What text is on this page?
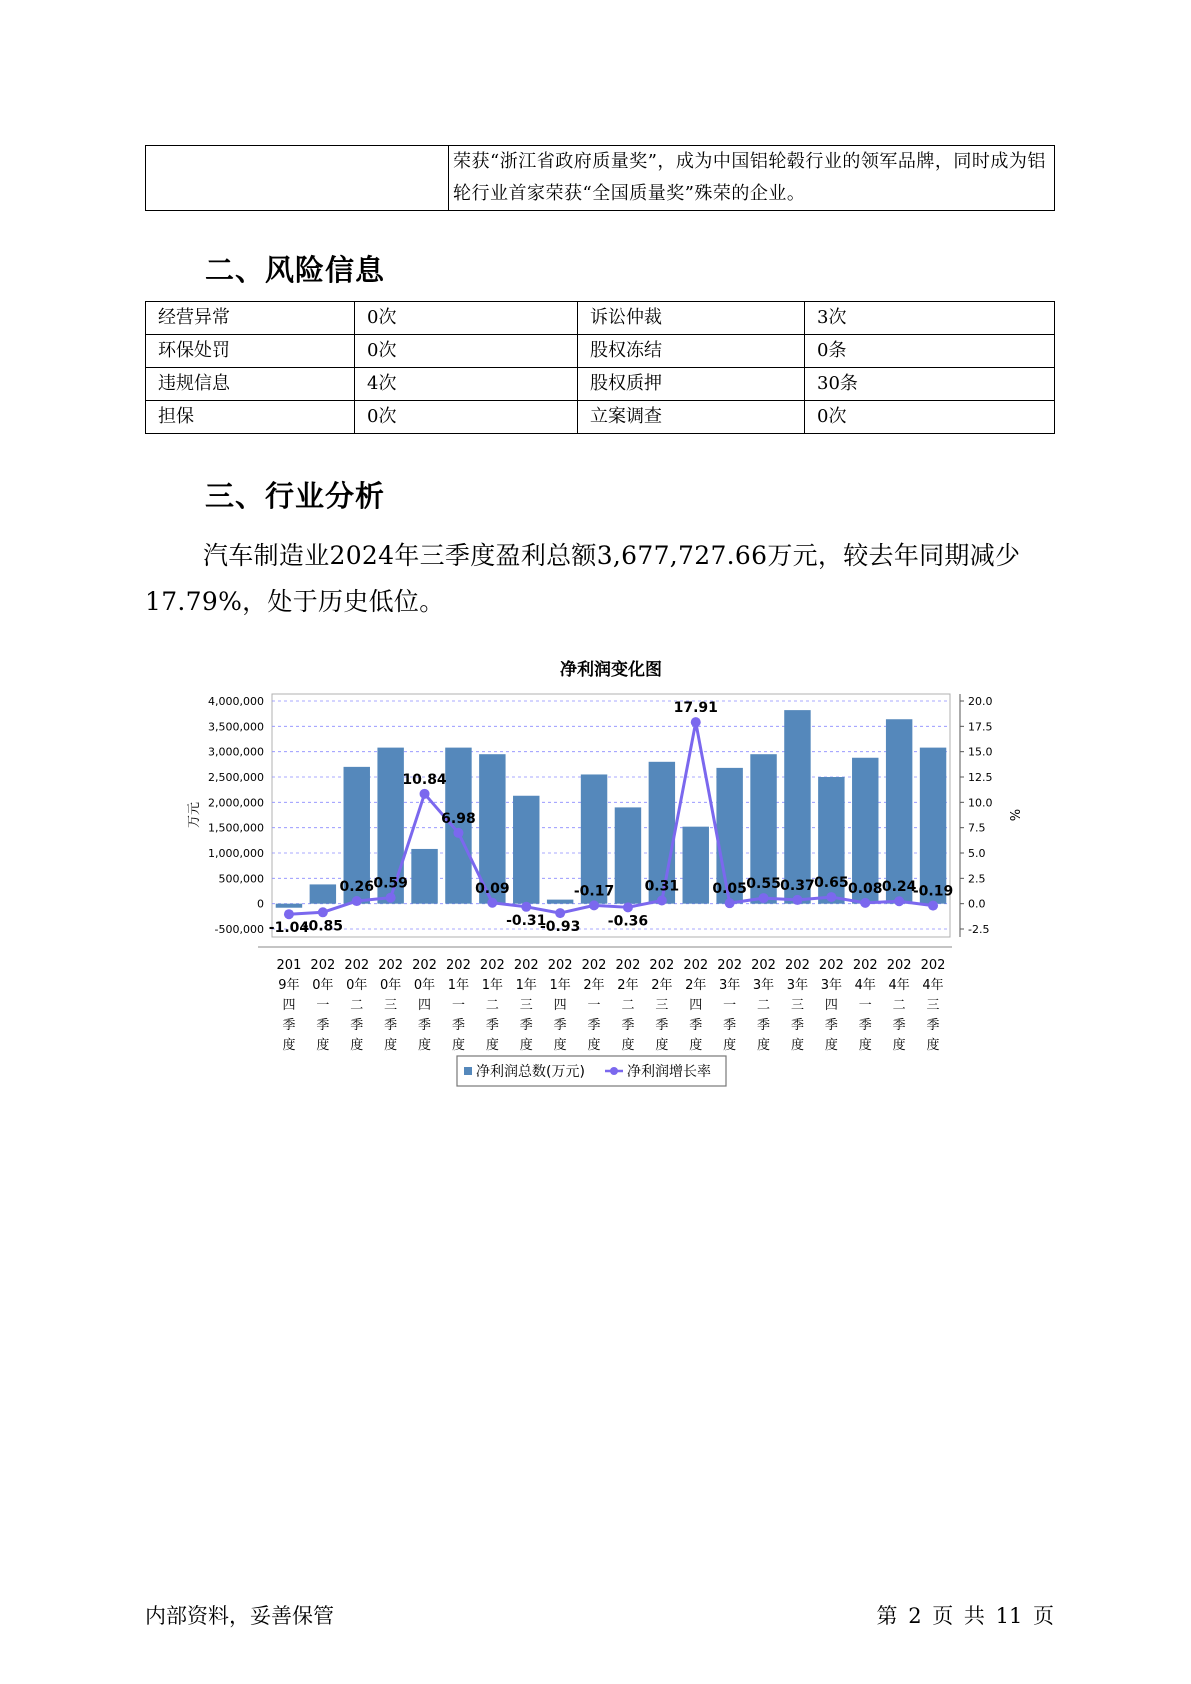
	荣获“浙江省政府质量奖”，成为中国铝轮毂行业的领军品牌，同时成为铝轮行业首家荣获“全国质量奖”殊荣的企业。
二、风险信息
经营异常	0次	诉讼仲裁	3次
环保处罚	0次	股权冻结	0条
违规信息	4次	股权质押	30条
担保	0次	立案调查	0次
三、行业分析

汽车制造业2024年三季度盈利总额3,677,727.66万元，较去年同期减少17.79%，处于历史低位。

净利润变化图
4,000,000
3,500,000
3,000,000
2,500,000
2,000,000
1,500,000
1,000,000
500,000
0
-500,000
20.0
17.5
15.0
12.5
10.0
7.5
5.0
2.5
0.0
-2.5
万元	%
-1.04
-0.85
0.26 0.59
10.84
6.98
0.09
-0.31
-0.93
-0.17
-0.36
0.31
17.91
0.05 0.55 0.37 0.65 0.08 0.24
-0.19
201
9年
四
季
度
202
0年
一
季
度
202
0年
二
季
度
202
0年
三
季
度
202
0年
四
季
度
202
1年
一
季
度
202
1年
二
季
度
202
1年
三
季
度
202
1年
四
季
度
202
2年
一
季
度
202
2年
二
季
度
202
2年
三
季
度
202
2年
四
季
度
202
3年
一
季
度
202
3年
二
季
度
202
3年
三
季
度
202
3年
四
季
度
202
4年
一
季
度
202
4年
二
季
度
202
4年
三
季
度
净利润总数(万元)	净利润增长率
内部资料，妥善保管	第 2 页 共 11 页
